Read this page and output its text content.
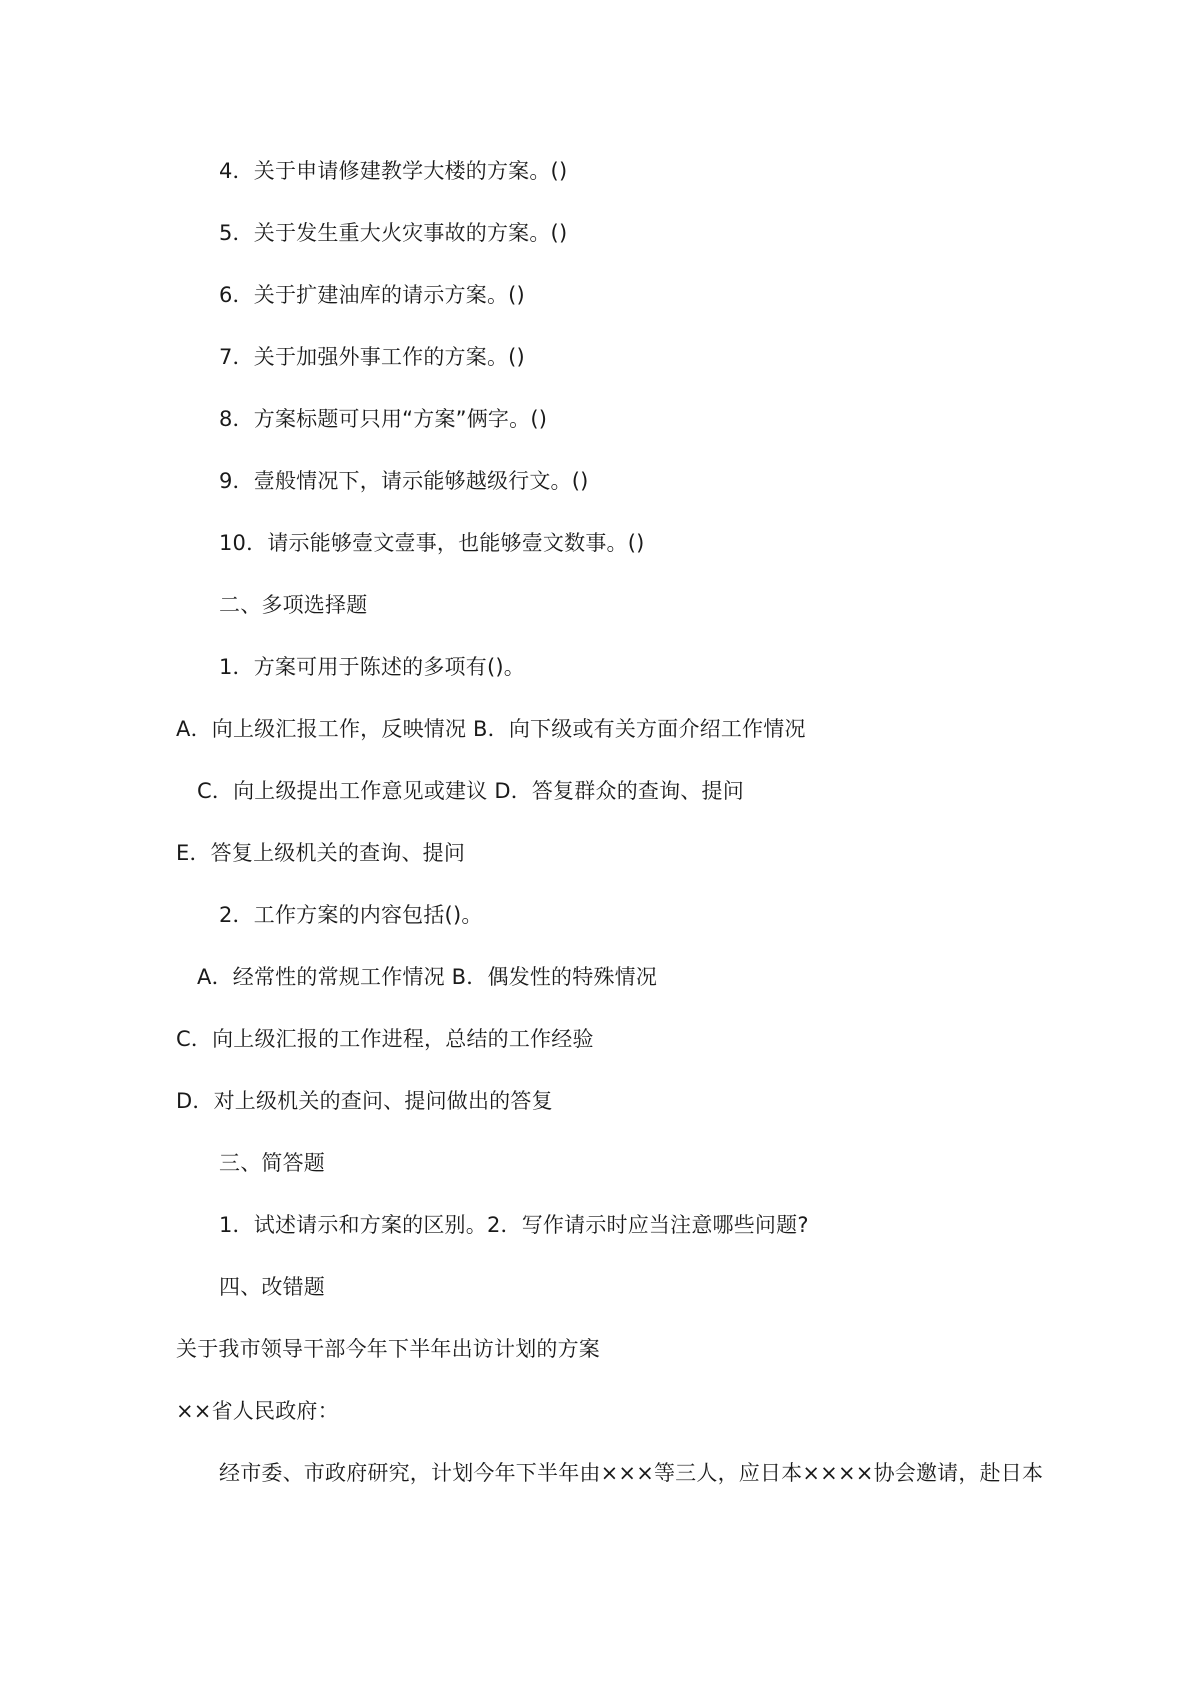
4．关于申请修建教学大楼的方案。()
5．关于发生重大火灾事故的方案。()
6．关于扩建油库的请示方案。()
7．关于加强外事工作的方案。()
8．方案标题可只用“方案”俩字。()
9．壹般情况下，请示能够越级行文。()
10．请示能够壹文壹事，也能够壹文数事。()
二、多项选择题
1．方案可用于陈述的多项有()。
A．向上级汇报工作，反映情况 B．向下级或有关方面介绍工作情况
C．向上级提出工作意见或建议 D．答复群众的查询、提问
E．答复上级机关的查询、提问
2．工作方案的内容包括()。
A．经常性的常规工作情况 B．偶发性的特殊情况
C．向上级汇报的工作进程，总结的工作经验
D．对上级机关的查问、提问做出的答复
三、简答题
1．试述请示和方案的区别。2．写作请示时应当注意哪些问题?
四、改错题
关于我市领导干部今年下半年出访计划的方案
××省人民政府：
经市委、市政府研究，计划今年下半年由×××等三人，应日本××××协会邀请，赴日本
